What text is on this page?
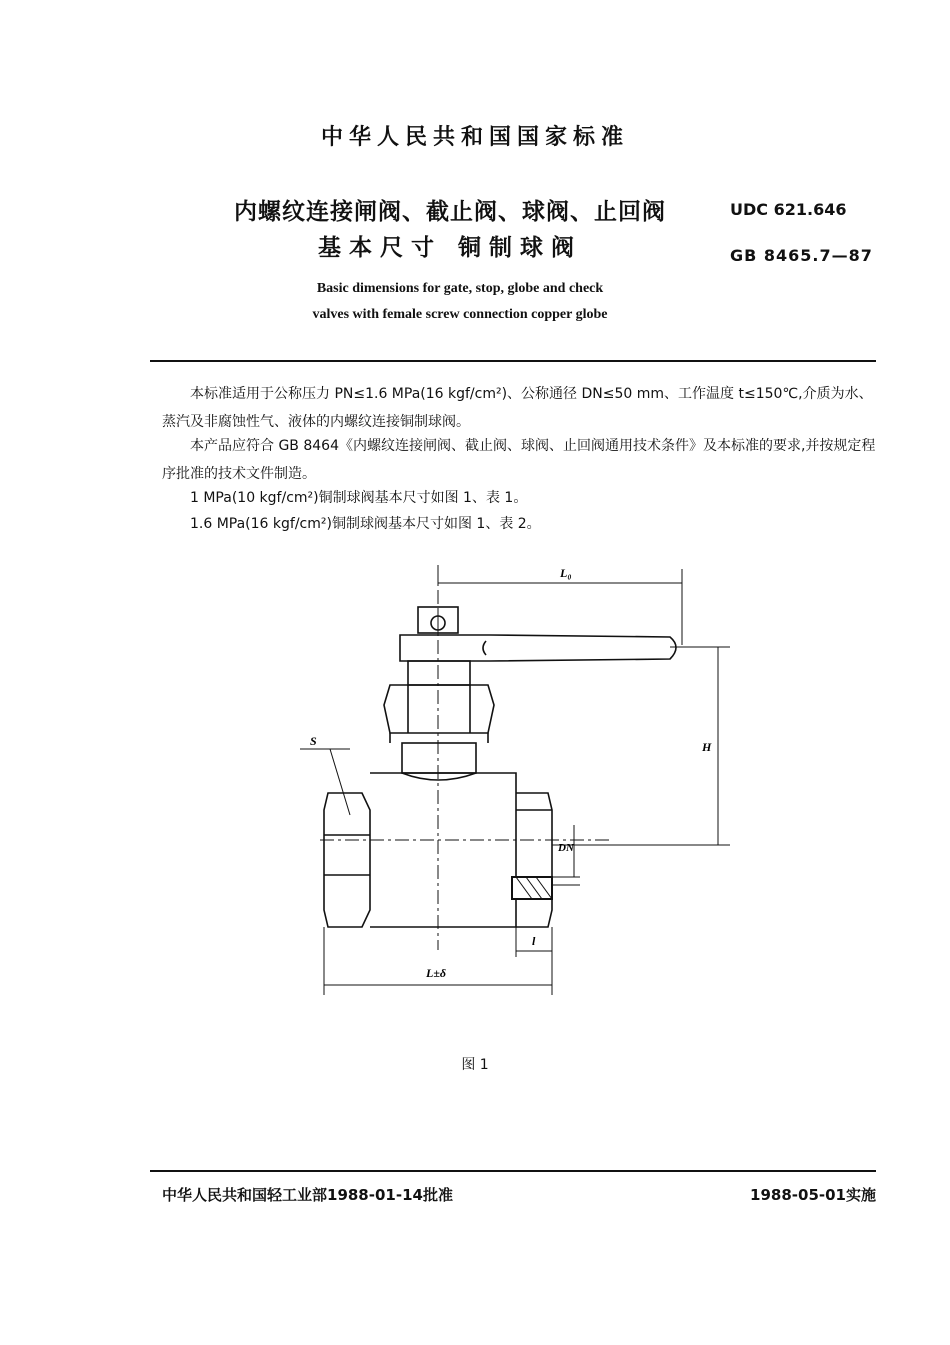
中华人民共和国国家标准
内螺纹连接闸阀、截止阀、球阀、止回阀
基本尺寸 铜制球阀
UDC 621.646
GB 8465.7—87
Basic dimensions for gate, stop, globe and check
valves with female screw connection copper globe
本标准适用于公称压力 PN≤1.6 MPa(16 kgf/cm²)、公称通径 DN≤50 mm、工作温度 t≤150℃,介质为水、蒸汽及非腐蚀性气、液体的内螺纹连接铜制球阀。
本产品应符合 GB 8464《内螺纹连接闸阀、截止阀、球阀、止回阀通用技术条件》及本标准的要求,并按规定程序批准的技术文件制造。
1 MPa(10 kgf/cm²)铜制球阀基本尺寸如图 1、表 1。
1.6 MPa(16 kgf/cm²)铜制球阀基本尺寸如图 1、表 2。
L₀
H
S
DN
l
L±δ
图 1
中华人民共和国轻工业部1988-01-14批准	1988-05-01实施
